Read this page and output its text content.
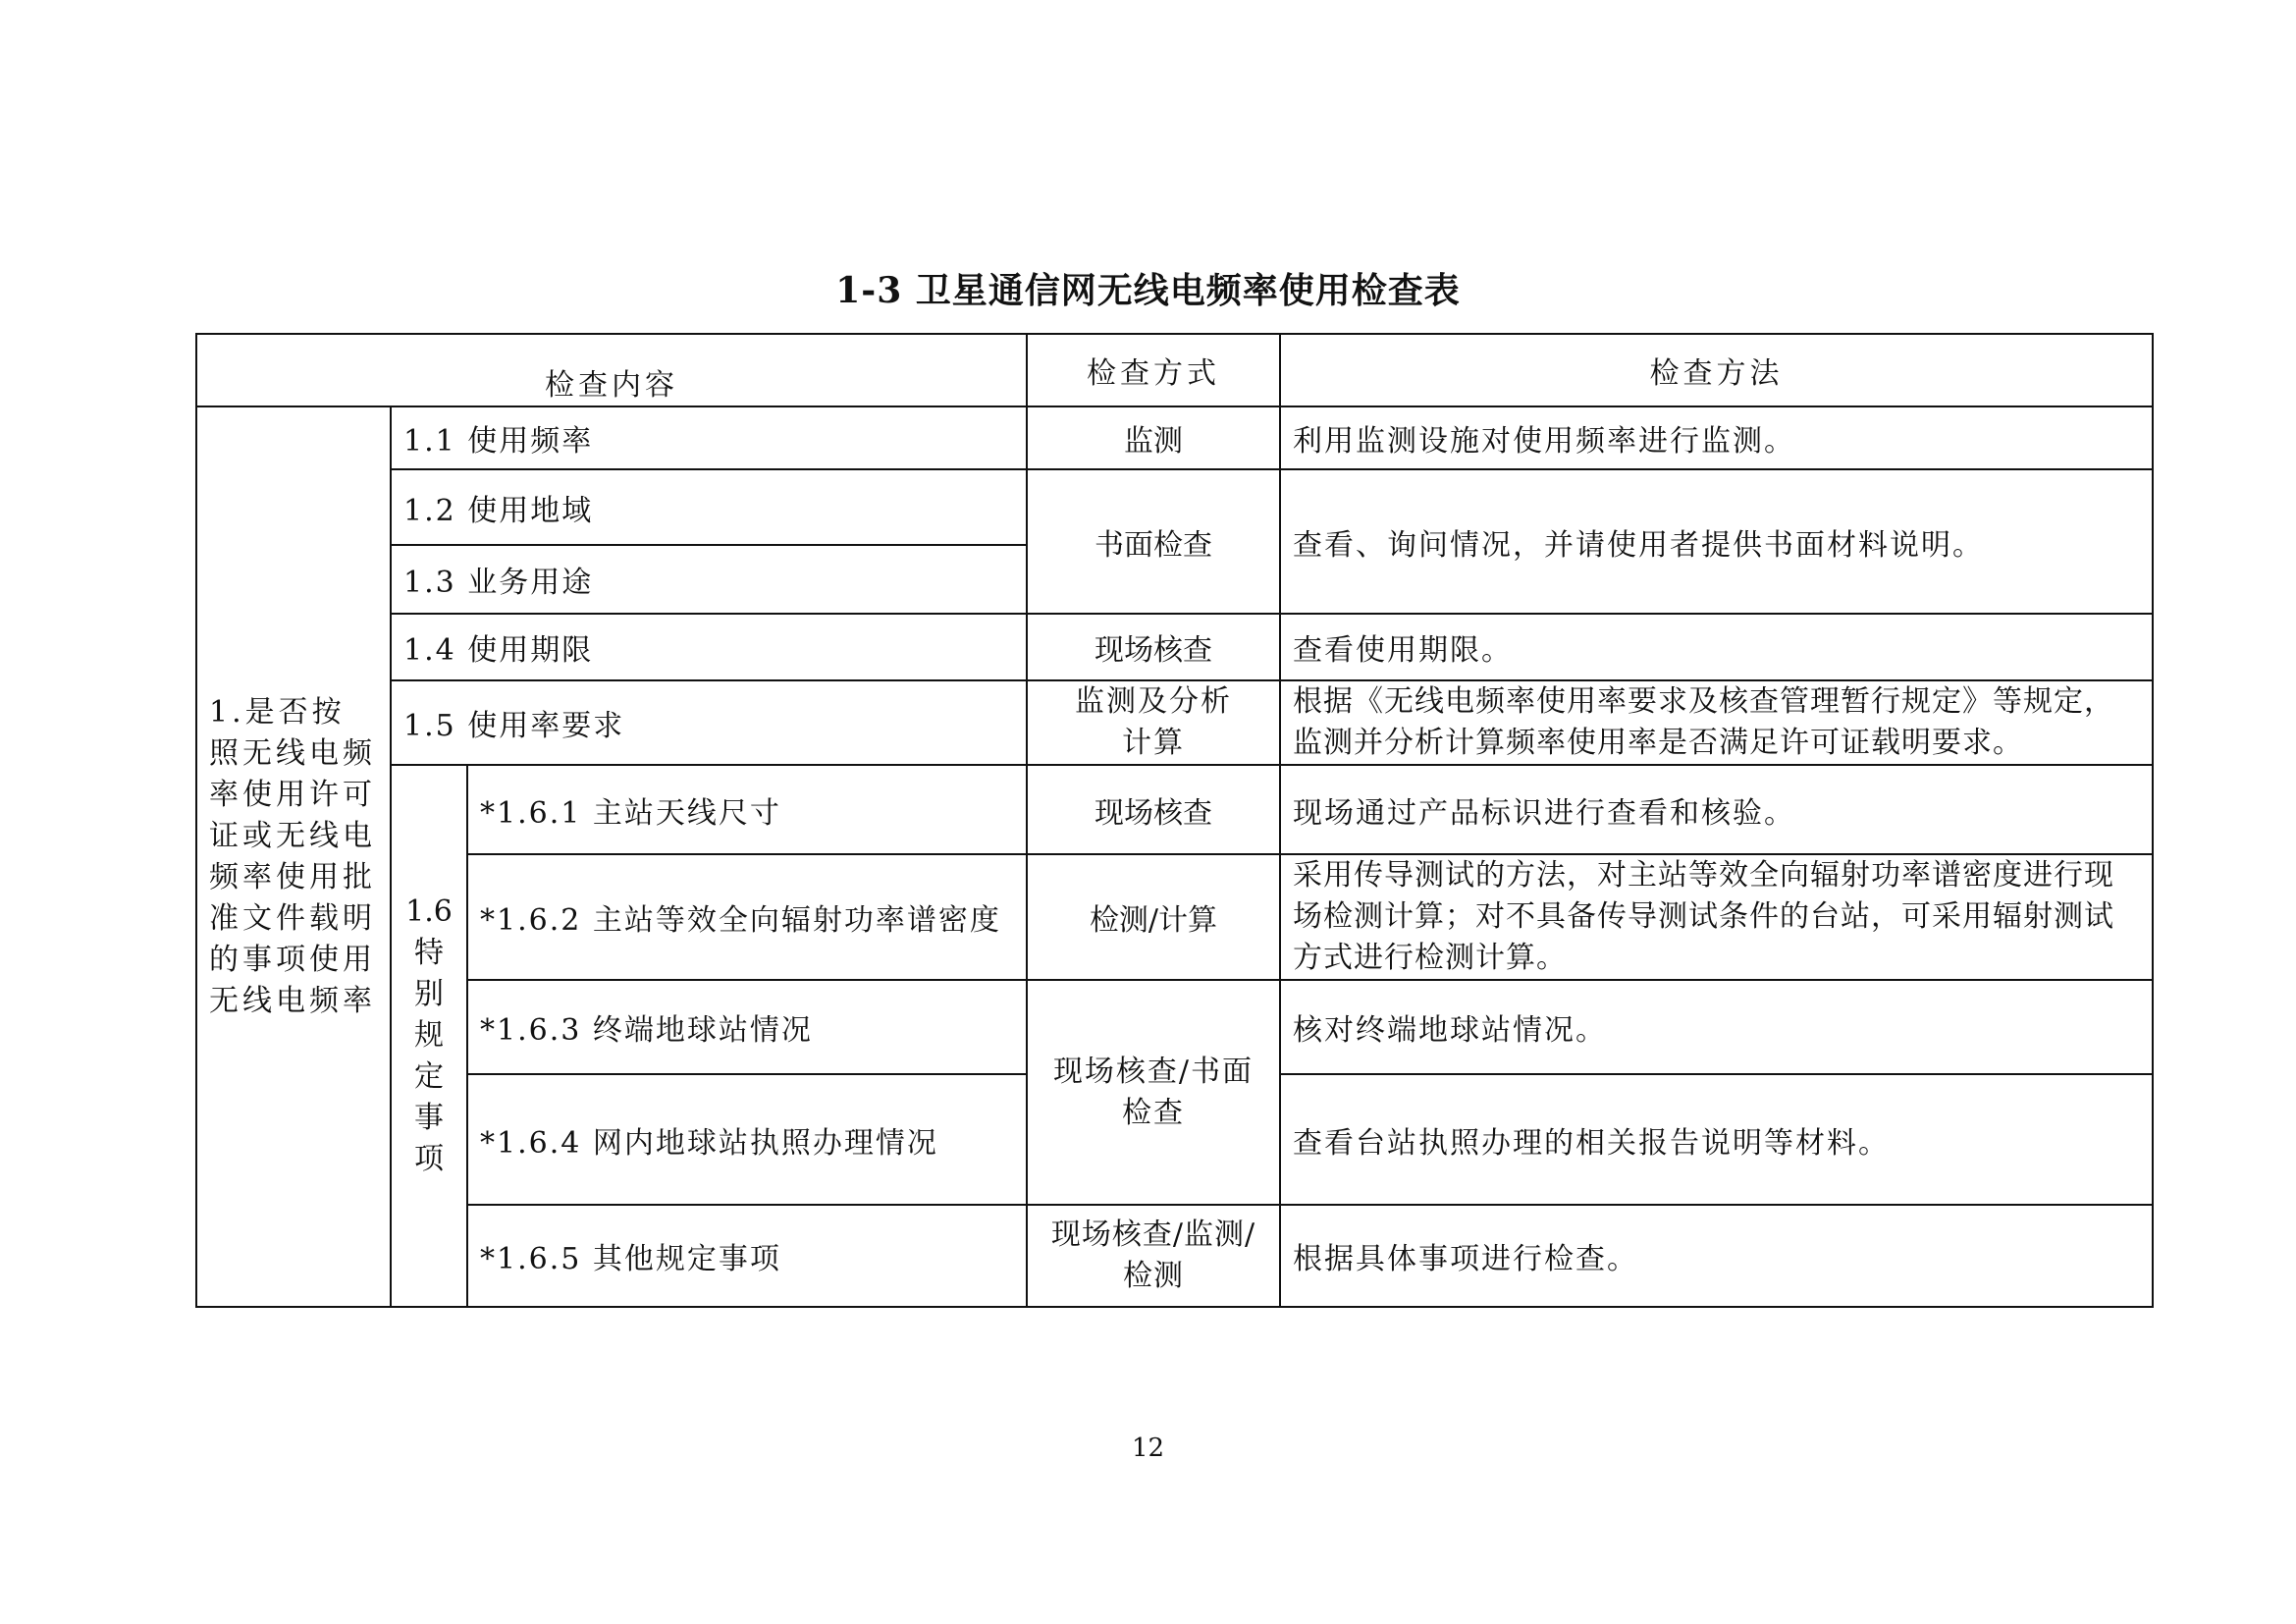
1-3 卫星通信网无线电频率使用检查表
检查内容			检查方式	检查方法
1.是否按照无线电频率使用许可证或无线电频率使用批准文件载明的事项使用无线电频率	1.1 使用频率		监测	利用监测设施对使用频率进行监测。
	1.2 使用地域		书面检查	查看、询问情况，并请使用者提供书面材料说明。
	1.3 业务用途			
	1.4 使用期限		现场核查	查看使用期限。
	1.5 使用率要求		监测及分析计算	根据《无线电频率使用率要求及核查管理暂行规定》等规定，监测并分析计算频率使用率是否满足许可证载明要求。
	1.6特别规定事项	*1.6.1 主站天线尺寸	现场核查	现场通过产品标识进行查看和核验。
		*1.6.2 主站等效全向辐射功率谱密度	检测/计算	采用传导测试的方法，对主站等效全向辐射功率谱密度进行现场检测计算；对不具备传导测试条件的台站，可采用辐射测试方式进行检测计算。
		*1.6.3 终端地球站情况	现场核查/书面检查	核对终端地球站情况。
		*1.6.4 网内地球站执照办理情况		查看台站执照办理的相关报告说明等材料。
		*1.6.5 其他规定事项	现场核查/监测/检测	根据具体事项进行检查。
12
